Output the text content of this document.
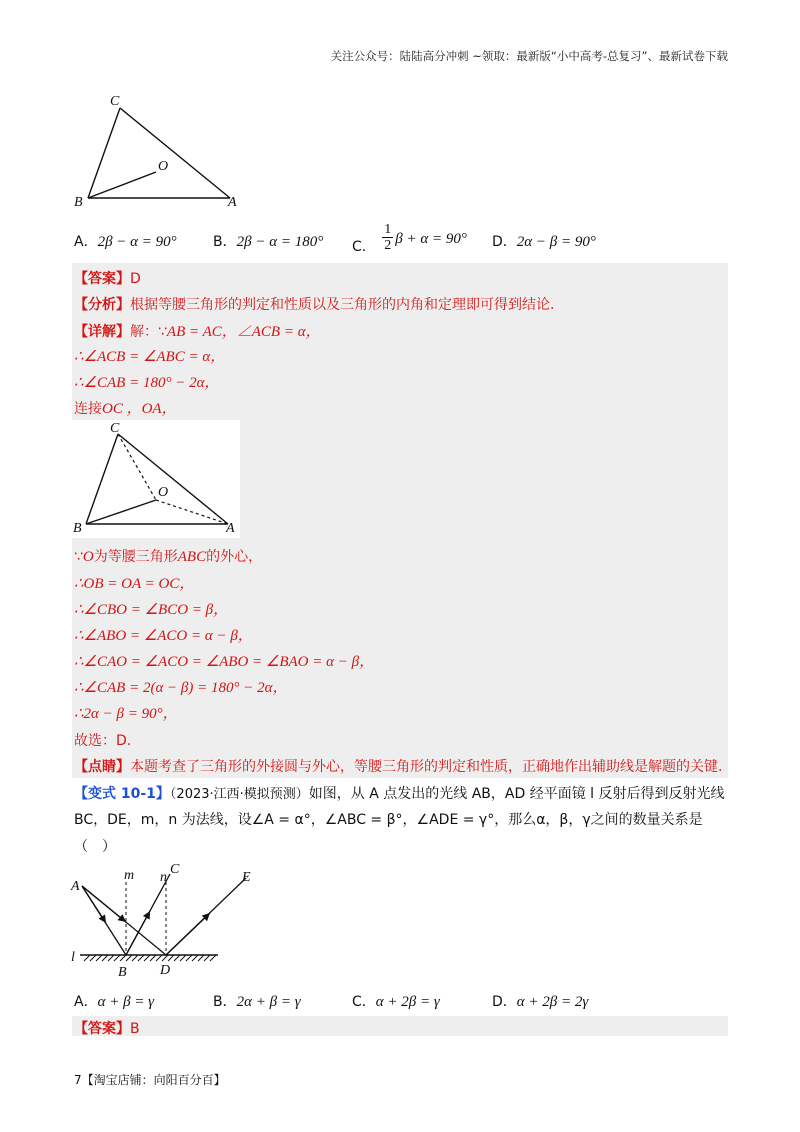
关注公众号：陆陆高分冲刺 ~领取：最新版“小中高考-总复习”、最新试卷下载
C
O
B	A
A．2β − α = 90°	B．2β − α = 180° C． $\frac{1}{2}$ β + α = 90° D．2α − β = 90°
【答案】D
【分析】根据等腰三角形的判定和性质以及三角形的内角和定理即可得到结论.
【详解】解：∵AB = AC，∠ACB = α，
∴∠ACB = ∠ABC = α，
∴∠CAB = 180° − 2α，
连接OC ，OA，
C
O
B	A
∵O为等腰三角形ABC的外心，
∴OB = OA = OC，
∴∠CBO = ∠BCO = β，
∴∠ABO = ∠ACO = α − β，
∴∠CAO = ∠ACO = ∠ABO = ∠BAO = α − β，
∴∠CAB = 2(α − β) = 180° − 2α，
∴2α − β = 90°，
故选：D.
【点睛】本题考查了三角形的外接圆与外心，等腰三角形的判定和性质，正确地作出辅助线是解题的关键.
【变式 10-1】（2023·江西·模拟预测）如图，从 A 点发出的光线 AB，AD 经平面镜 l 反射后得到反射光线
BC，DE，m，n 为法线，设∠A = α°，∠ABC = β°，∠ADE = γ°，那么α，β，γ之间的数量关系是
（　）
A
m n
C
E
l
B D
A．α + β = γ	B．2α + β = γ	C．α + 2β = γ	D．α + 2β = 2γ
【答案】B
7【淘宝店铺：向阳百分百】
